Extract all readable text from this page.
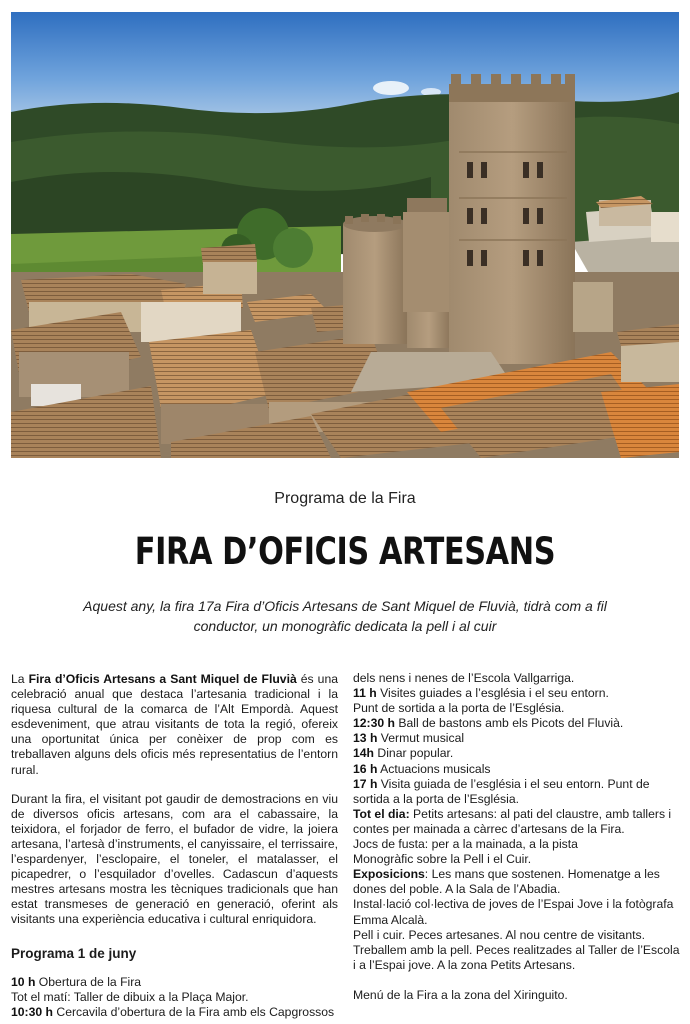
Programa de la Fira
FIRA D’OFICIS ARTESANS
Aquest any, la fira 17a Fira d’Oficis Artesans de Sant Miquel de Fluvià, tidrà com a fil conductor, un monogràfic dedicata la pell i al cuir

La Fira d’Oficis Artesans a Sant Miquel de Fluvià és una celebració anual que destaca l’artesania tradicional i la riquesa cultural de la comarca de l’Alt Empordà. Aquest esdeveniment, que atrau visitants de tota la regió, ofereix una oportunitat única per conèixer de prop com es treballaven alguns dels oficis més representatius de l’entorn rural.

Durant la fira, el visitant pot gaudir de demostracions en viu de diversos oficis artesans, com ara el cabassaire, la teixidora, el forjador de ferro, el bufador de vidre, la joiera artesana, l’artesà d’instruments, el canyissaire, el terrissaire, l’espardenyer, l’esclopaire, el toneler, el matalasser, el picapedrer, o l’esquilador d’ovelles. Cadascun d’aquests mestres artesans mostra les tècniques tradicionals que han estat transmeses de generació en generació, oferint als visitants una experiència educativa i cultural enriquidora.

Programa 1 de juny

10 h Obertura de la Fira

Tot el matí: Taller de dibuix a la Plaça Major.

10:30 h Cercavila d’obertura de la Fira amb els Capgrossos

dels nens i nenes de l’Escola Vallgarriga.

11 h Visites guiades a l’església i el seu entorn.

Punt de sortida a la porta de l’Església.

12:30 h Ball de bastons amb els Picots del Fluvià.

13 h Vermut musical

14h Dinar popular.

16 h Actuacions musicals

17 h Visita guiada de l’església i el seu entorn. Punt de sortida a la porta de l’Església.

Tot el dia: Petits artesans: al pati del claustre, amb tallers i contes per mainada a càrrec d’artesans de la Fira.

Jocs de fusta: per a la mainada, a la pista

Monogràfic sobre la Pell i el Cuir.

Exposicions: Les mans que sostenen. Homenatge a les dones del poble. A la Sala de l’Abadia.

Instal·lació col·lectiva de joves de l’Espai Jove i la fotògrafa Emma Alcalà.

Pell i cuir. Peces artesanes. Al nou centre de visitants.

Treballem amb la pell. Peces realitzades al Taller de l’Escola i a l’Espai jove. A la zona Petits Artesans.

Menú de la Fira a la zona del Xiringuito.
